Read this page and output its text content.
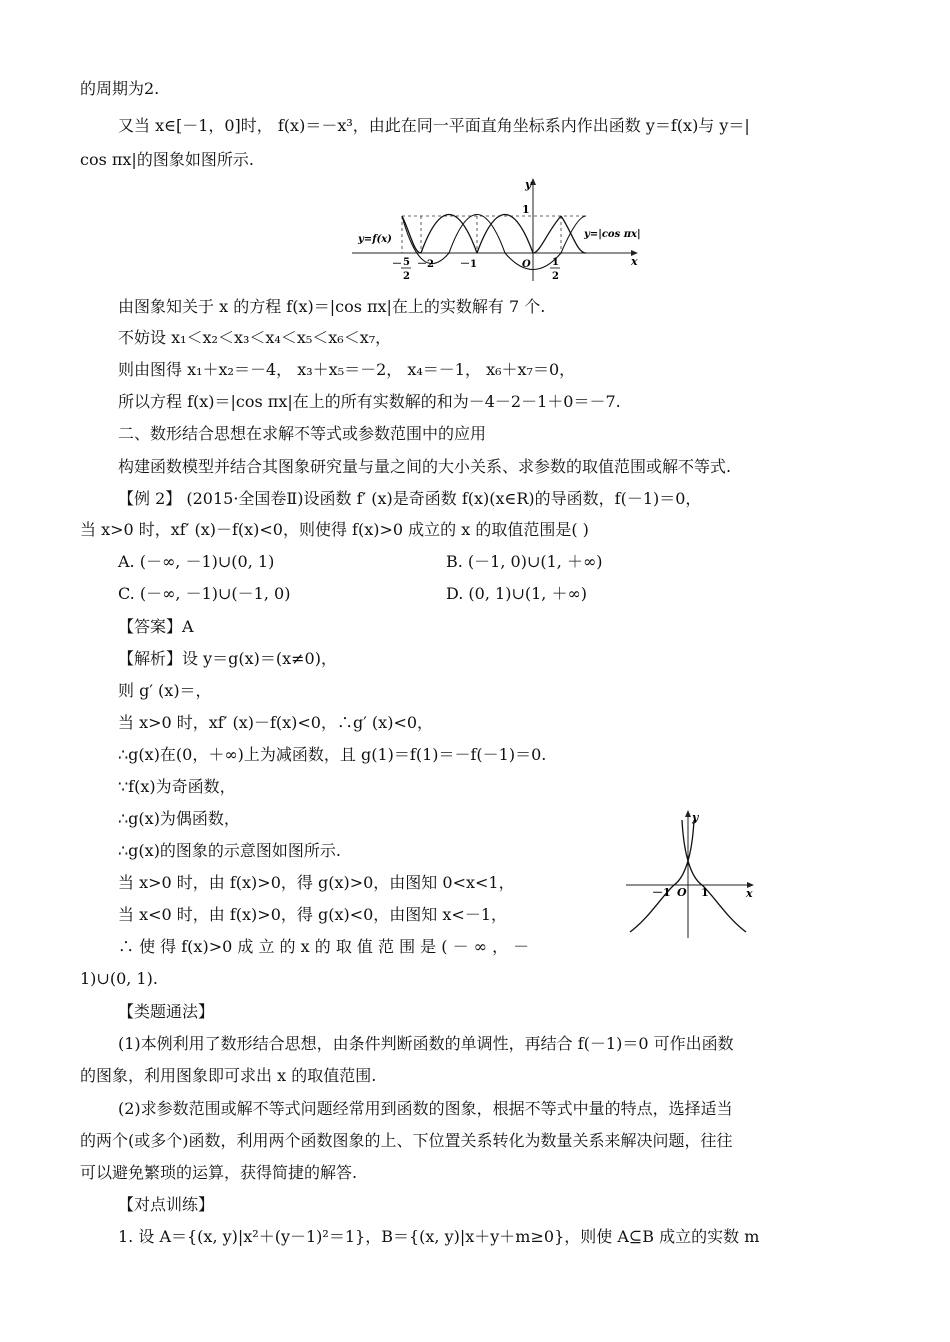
的周期为2.
又当 x∈[－1，0]时， f(x)＝－x³，由此在同一平面直角坐标系内作出函数 y＝f(x)与 y＝|
cos πx|的图象如图所示.
y
x
1
y=f(x)	y=|cos πx|
－ 5
2
－2	－1	O 1
2
由图象知关于 x 的方程 f(x)＝|cos πx|在上的实数解有 7 个.
不妨设 x₁＜x₂＜x₃＜x₄＜x₅＜x₆＜x₇，
则由图得 x₁＋x₂＝－4， x₃＋x₅＝－2， x₄＝－1， x₆＋x₇＝0，
所以方程 f(x)＝|cos πx|在上的所有实数解的和为－4－2－1＋0＝－7.
二、数形结合思想在求解不等式或参数范围中的应用
构建函数模型并结合其图象研究量与量之间的大小关系、求参数的取值范围或解不等式.
【例 2】 (2015·全国卷Ⅱ)设函数 f′ (x)是奇函数 f(x)(x∈R)的导函数，f(－1)＝0，
当 x>0 时，xf′ (x)－f(x)<0，则使得 f(x)>0 成立的 x 的取值范围是( )
A. (－∞, －1)∪(0, 1)	B. (－1, 0)∪(1, ＋∞)
C. (－∞, －1)∪(－1, 0)	D. (0, 1)∪(1, ＋∞)
【答案】A
【解析】设 y＝g(x)＝(x≠0)，
则 g′ (x)＝，
当 x>0 时，xf′ (x)－f(x)<0，∴g′ (x)<0，
∴g(x)在(0，＋∞)上为减函数，且 g(1)＝f(1)＝－f(－1)＝0.
∵f(x)为奇函数，
∴g(x)为偶函数，
∴g(x)的图象的示意图如图所示.
当 x>0 时，由 f(x)>0，得 g(x)>0，由图知 0<x<1，
当 x<0 时，由 f(x)>0，得 g(x)<0，由图知 x<－1，
∴ 使 得 f(x)>0 成 立 的 x 的 取 值 范 围 是 ( － ∞ ， －
1)∪(0, 1).
y
x
－1 O 1
【类题通法】
(1)本例利用了数形结合思想，由条件判断函数的单调性，再结合 f(－1)＝0 可作出函数
的图象，利用图象即可求出 x 的取值范围.
(2)求参数范围或解不等式问题经常用到函数的图象，根据不等式中量的特点，选择适当
的两个(或多个)函数，利用两个函数图象的上、下位置关系转化为数量关系来解决问题，往往
可以避免繁琐的运算，获得简捷的解答.
【对点训练】
1. 设 A＝{(x, y)|x²＋(y－1)²＝1}，B＝{(x, y)|x＋y＋m≥0}，则使 A⊆B 成立的实数 m
